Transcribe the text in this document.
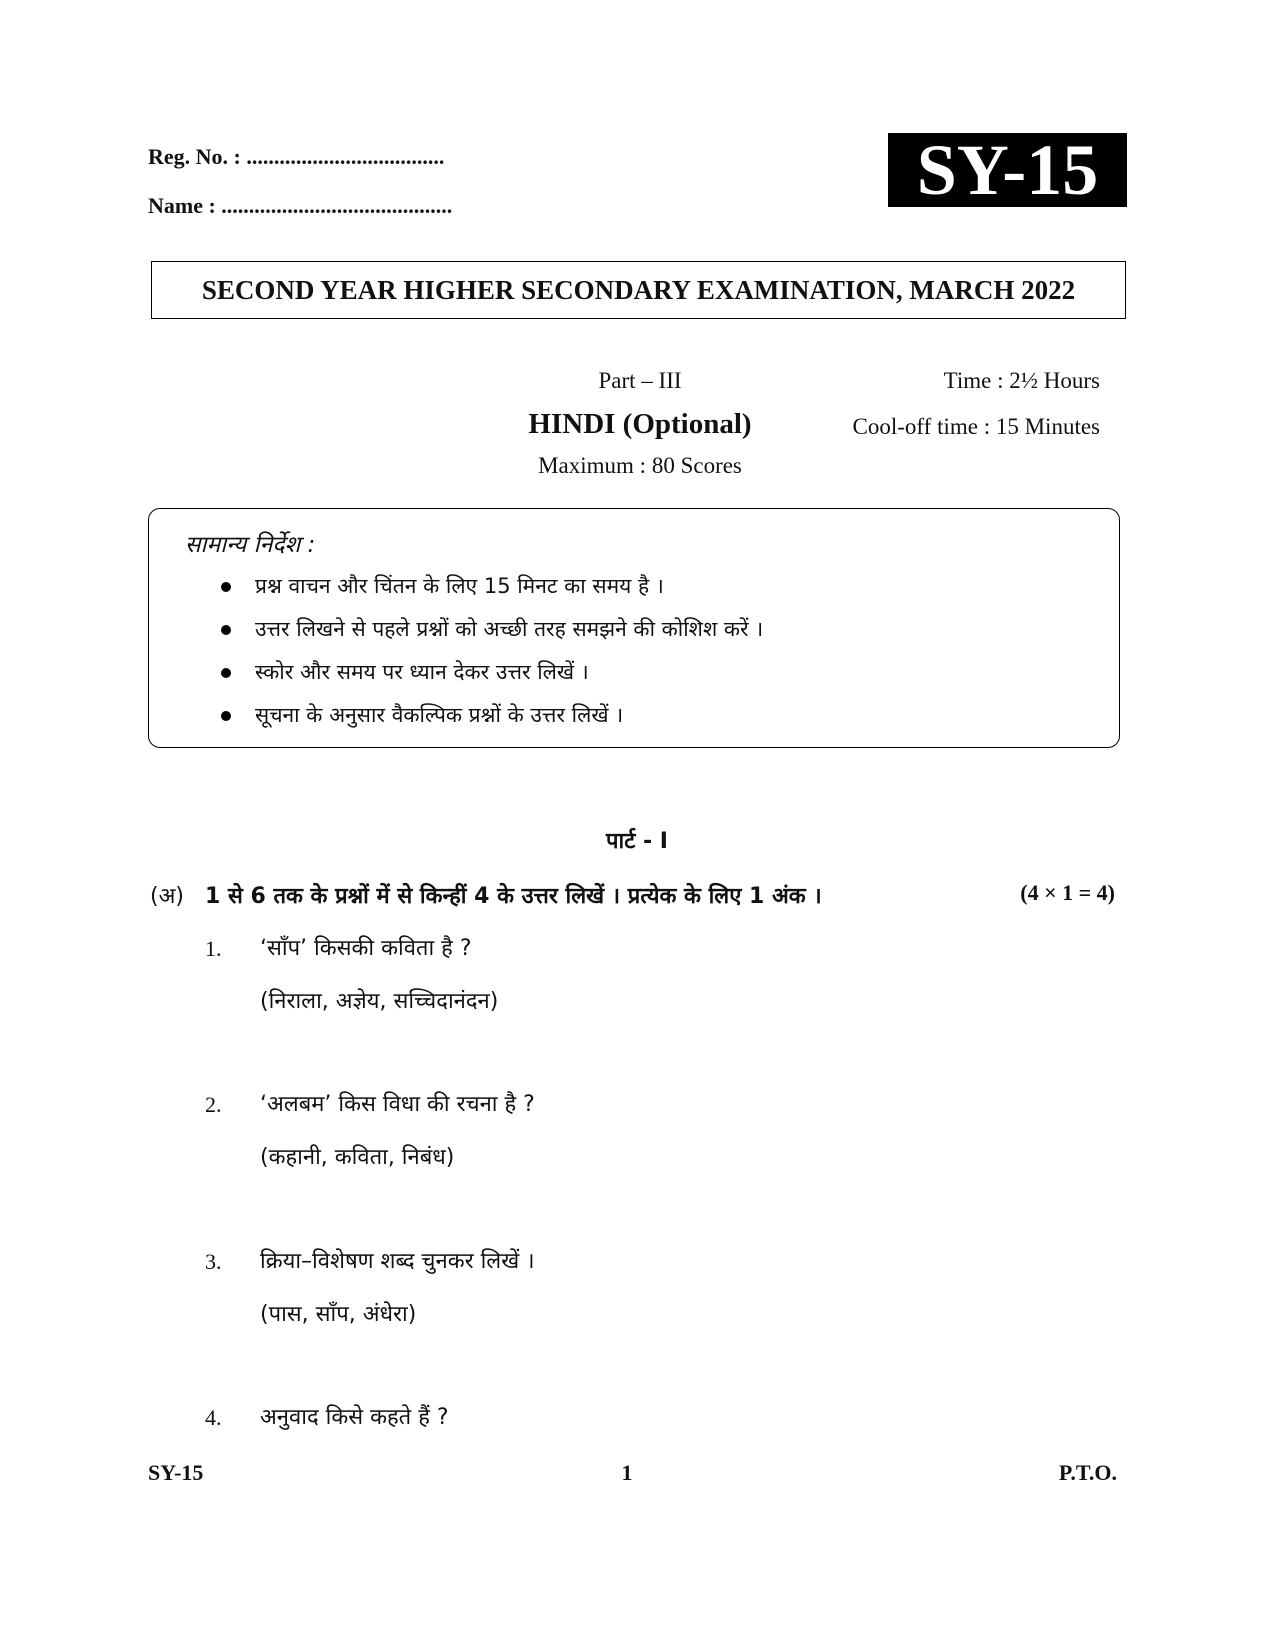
Reg. No. : ....................................
Name : ..........................................	SY-15
SECOND YEAR HIGHER SECONDARY EXAMINATION, MARCH 2022
Part – III
HINDI (Optional)
Maximum : 80 Scores
Time : 2½ Hours
Cool-off time : 15 Minutes
सामान्य निर्देश :
प्रश्न वाचन और चिंतन के लिए 15 मिनट का समय है ।
उत्तर लिखने से पहले प्रश्नों को अच्छी तरह समझने की कोशिश करें ।
स्कोर और समय पर ध्यान देकर उत्तर लिखें ।
सूचना के अनुसार वैकल्पिक प्रश्नों के उत्तर लिखें ।
पार्ट - I
(अ) 1 से 6 तक के प्रश्नों में से किन्हीं 4 के उत्तर लिखें । प्रत्येक के लिए 1 अंक ।	(4 × 1 = 4)
1. ‘साँप’ किसकी कविता है ?
(निराला, अज्ञेय, सच्चिदानंदन)
2. ‘अलबम’ किस विधा की रचना है ?
(कहानी, कविता, निबंध)
3. क्रिया–विशेषण शब्द चुनकर लिखें ।
(पास, साँप, अंधेरा)
4. अनुवाद किसे कहते हैं ?
SY-15	1	P.T.O.
